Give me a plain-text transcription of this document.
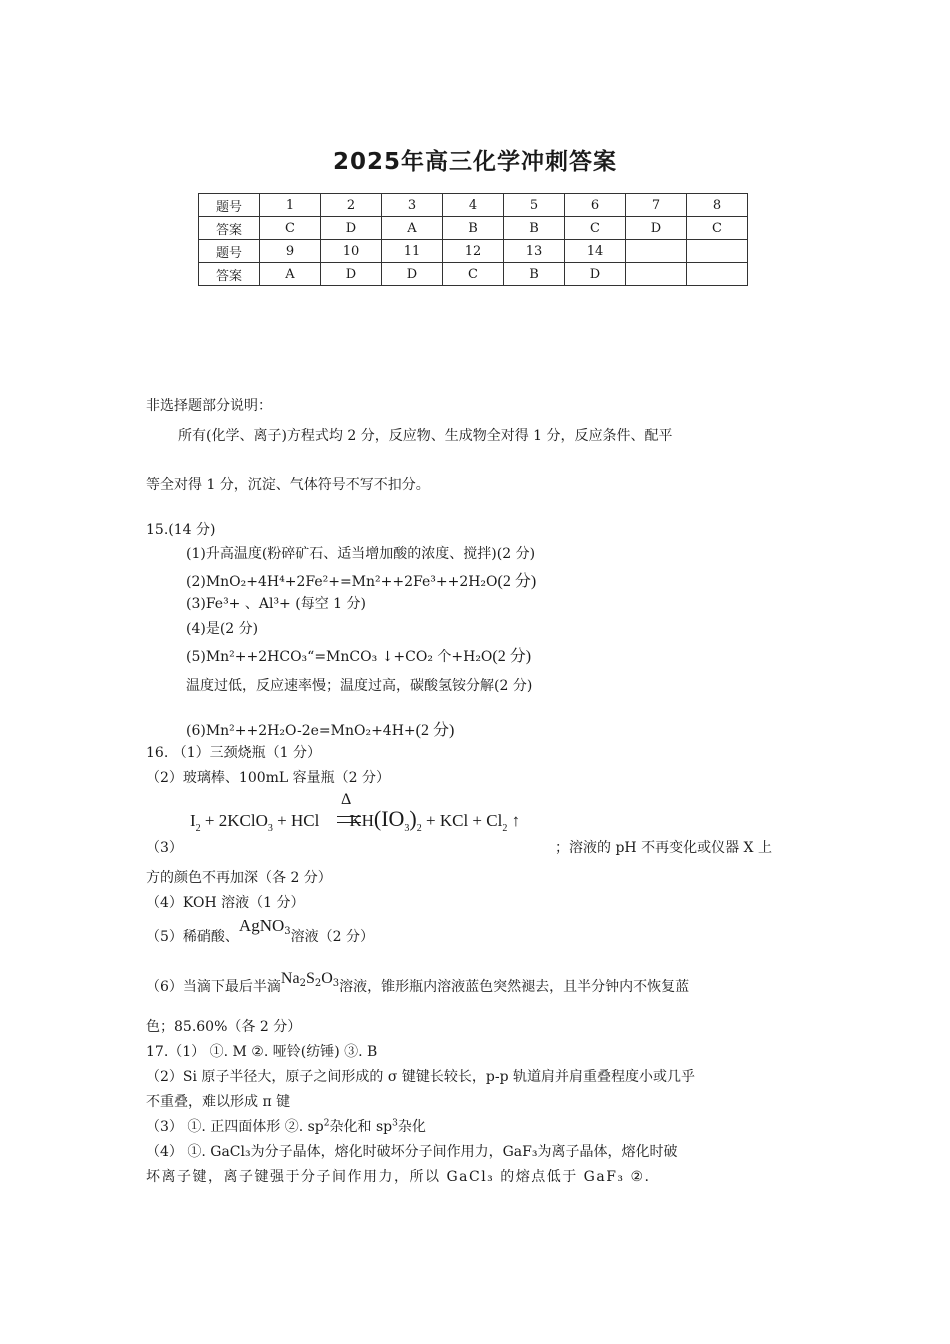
2025年高三化学冲刺答案
题号	1	2	3	4	5	6	7	8
答案	C	D	A	B	B	C	D	C
题号	9	10	11	12	13	14		
答案	A	D	D	C	B	D		
非选择题部分说明：
所有(化学、离子)方程式均 2 分，反应物、生成物全对得 1 分，反应条件、配平
等全对得 1 分，沉淀、气体符号不写不扣分。
15.(14 分)
(1)升高温度(粉碎矿石、适当增加酸的浓度、搅拌)(2 分)
(2)MnO₂+4H⁴+2Fe²+=Mn²++2Fe³++2H₂O(2 分)
(3)Fe³+ 、Al³+ (每空 1 分)
(4)是(2 分)
(5)Mn²++2HCO₃“=MnCO₃ ↓+CO₂ 个+H₂O(2 分)
温度过低，反应速率慢；温度过高，碳酸氢铵分解(2 分)
(6)Mn²++2H₂O-2e=MnO₂+4H+(2 分)
16. （1）三颈烧瓶（1 分）
（2）玻璃棒、100mL 容量瓶（2 分）
Δ
$I_2$ + 2KClO$_3$ + HCl $KH(IO_3)_2$ + KCl + $Cl_2$ ↑
（3）	；溶液的 pH 不再变化或仪器 X 上
方的颜色不再加深（各 2 分）
（4）KOH 溶液（1 分）
（5）稀硝酸、AgNO$^3$溶液（2 分）
（6）当滴下最后半滴$Na^2S^2O^3$溶液，锥形瓶内溶液蓝色突然褪去，且半分钟内不恢复蓝
色；85.60%（各 2 分）
17.（1） ①. M ②. 哑铃(纺锤) ③. B
（2）Si 原子半径大，原子之间形成的 σ 键键长较长，p-p 轨道肩并肩重叠程度小或几乎
不重叠，难以形成 π 键
（3） ①. 正四面体形 ②. $sp^2$杂化和 $sp^3$杂化
（4） ①. GaCl₃为分子晶体，熔化时破坏分子间作用力，GaF₃为离子晶体，熔化时破
坏离子键，离子键强于分子间作用力，所以 GaCl₃ 的熔点低于 GaF₃ ②.
